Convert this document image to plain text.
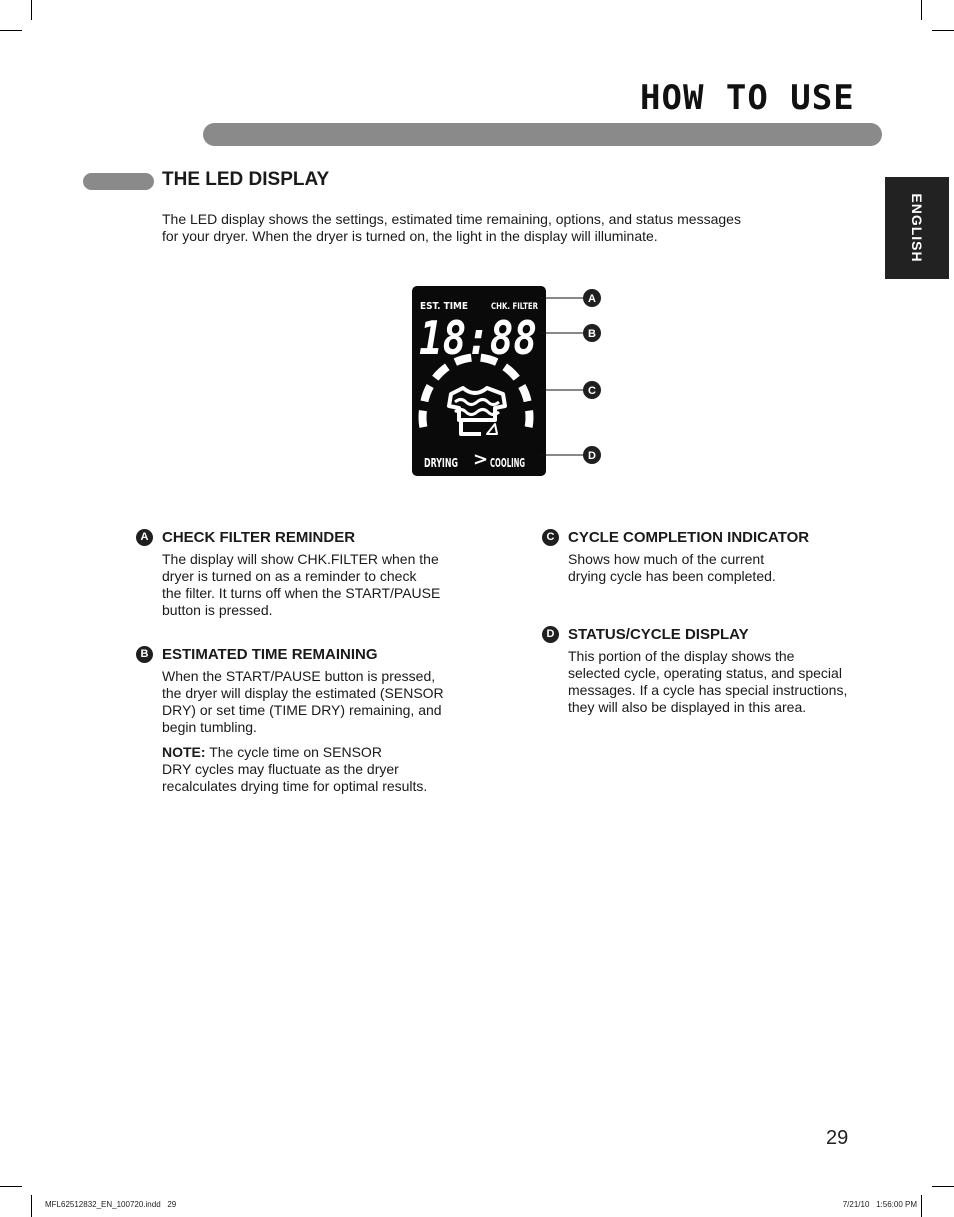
HOW TO USE
ENGLISH
THE LED DISPLAY
The LED display shows the settings, estimated time remaining, options, and status messages
for your dryer. When the dryer is turned on, the light in the display will illuminate.
EST. TIME	CHK. FILTER
18:88
DRYING > COOLING
A
B
C
D
A CHECK FILTER REMINDER
The display will show CHK.FILTER when the
dryer is turned on as a reminder to check
the filter. It turns off when the START/PAUSE
button is pressed.
B ESTIMATED TIME REMAINING
When the START/PAUSE button is pressed,
the dryer will display the estimated (SENSOR
DRY) or set time (TIME DRY) remaining, and
begin tumbling.
NOTE: The cycle time on SENSOR
DRY cycles may fluctuate as the dryer
recalculates drying time for optimal results.
C CYCLE COMPLETION INDICATOR
Shows how much of the current
drying cycle has been completed.
D STATUS/CYCLE DISPLAY
This portion of the display shows the
selected cycle, operating status, and special
messages. If a cycle has special instructions,
they will also be displayed in this area.
29
MFL62512832_EN_100720.indd   29	7/21/10   1:56:00 PM
